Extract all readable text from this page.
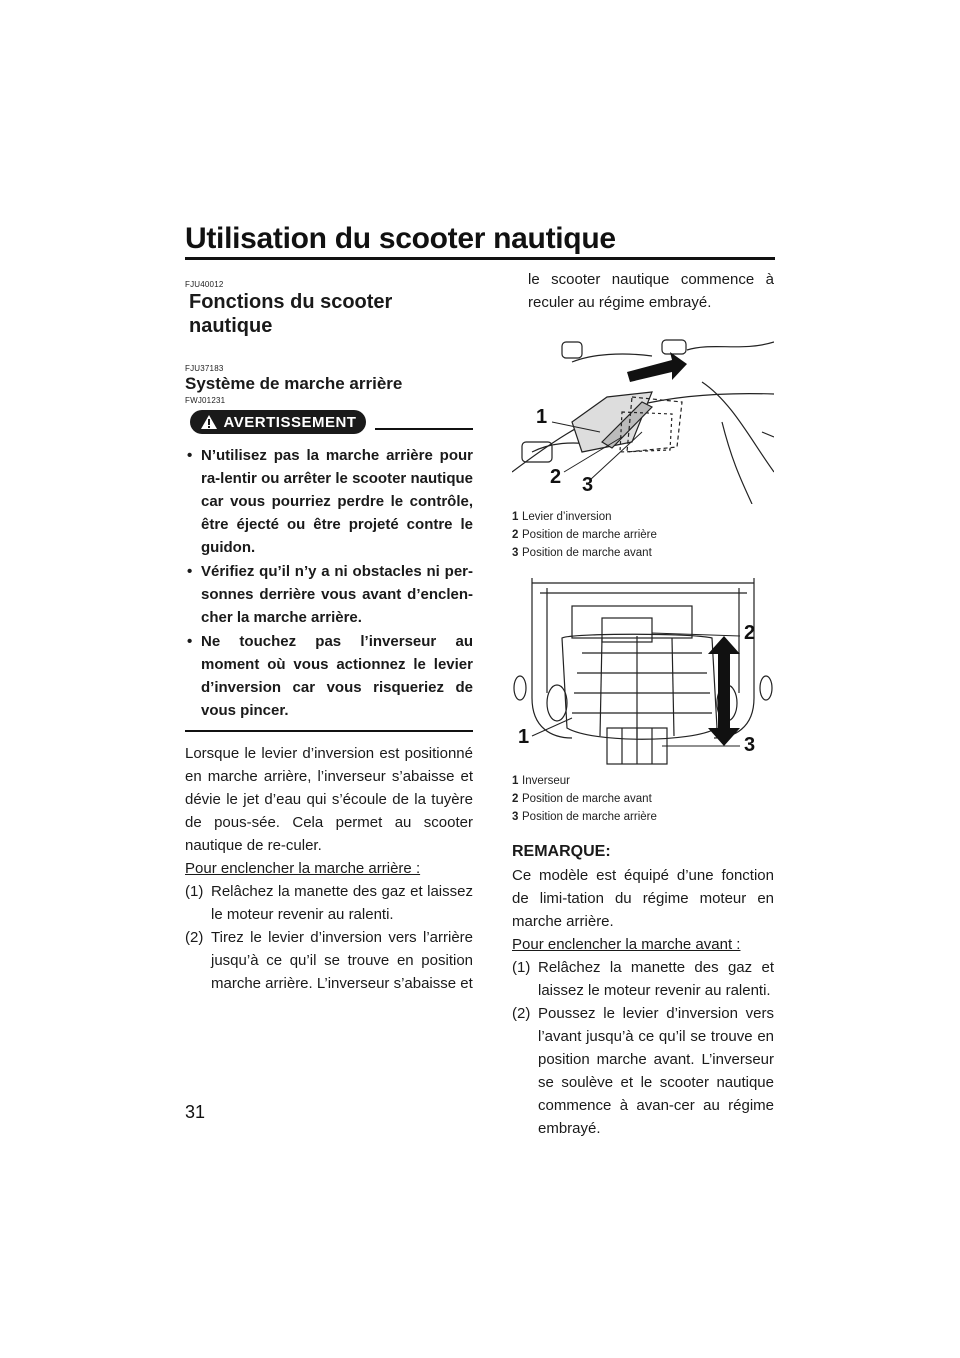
Utilisation du scooter nautique
31
FJU40012
Fonctions du scooter nautique
FJU37183
Système de marche arrière
FWJ01231
AVERTISSEMENT
• N’utilisez pas la marche arrière pour ra-lentir ou arrêter le scooter nautique car vous pourriez perdre le contrôle, être éjecté ou être projeté contre le guidon.
• Vérifiez qu’il n’y a ni obstacles ni per-sonnes derrière vous avant d’enclen-cher la marche arrière.
• Ne touchez pas l’inverseur au moment où vous actionnez le levier d’inversion car vous risqueriez de vous pincer.

Lorsque le levier d’inversion est positionné en marche arrière, l’inverseur s’abaisse et dévie le jet d’eau qui s’écoule de la tuyère de pous-sée. Cela permet au scooter nautique de re-culer.

Pour enclencher la marche arrière :

(1) Relâchez la manette des gaz et laissez le moteur revenir au ralenti.

(2) Tirez le levier d’inversion vers l’arrière jusqu’à ce qu’il se trouve en position marche arrière. L’inverseur s’abaisse et

le scooter nautique commence à reculer au régime embrayé.

1
2 3
1 Levier d’inversion
2 Position de marche arrière
3 Position de marche avant
2
1	3
1 Inverseur
2 Position de marche avant
3 Position de marche arrière
REMARQUE:

Ce modèle est équipé d’une fonction de limi-tation du régime moteur en marche arrière.

Pour enclencher la marche avant :

(1) Relâchez la manette des gaz et laissez le moteur revenir au ralenti.

(2) Poussez le levier d’inversion vers l’avant jusqu’à ce qu’il se trouve en position marche avant. L’inverseur se soulève et le scooter nautique commence à avan-cer au régime embrayé.
